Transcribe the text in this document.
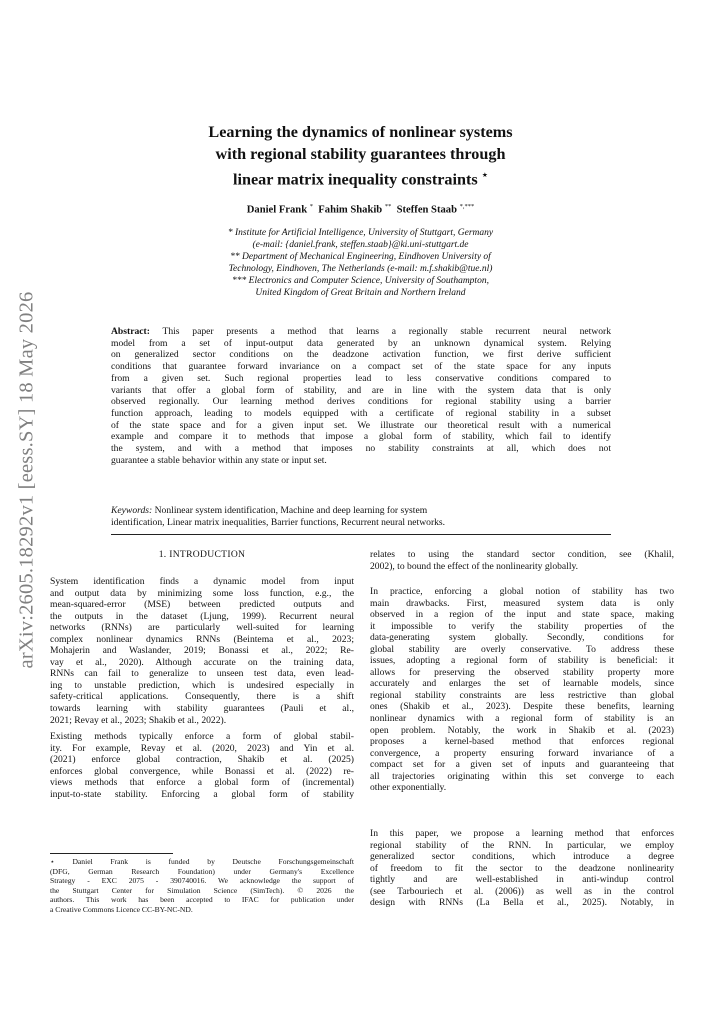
arXiv:2605.18292v1 [eess.SY] 18 May 2026
Learning the dynamics of nonlinear systems
with regional stability guarantees through
linear matrix inequality constraints ⋆
Daniel Frank * Fahim Shakib ** Steffen Staab *,***
* Institute for Artificial Intelligence, University of Stuttgart, Germany
(e-mail: {daniel.frank, steffen.staab}@ki.uni-stuttgart.de
** Department of Mechanical Engineering, Eindhoven University of
Technology, Eindhoven, The Netherlands (e-mail: m.f.shakib@tue.nl)
*** Electronics and Computer Science, University of Southampton,
United Kingdom of Great Britain and Northern Ireland
Abstract: This paper presents a method that learns a regionally stable recurrent neural network
model from a set of input-output data generated by an unknown dynamical system. Relying
on generalized sector conditions on the deadzone activation function, we first derive sufficient
conditions that guarantee forward invariance on a compact set of the state space for any inputs
from a given set. Such regional properties lead to less conservative conditions compared to
variants that offer a global form of stability, and are in line with the system data that is only
observed regionally. Our learning method derives conditions for regional stability using a barrier
function approach, leading to models equipped with a certificate of regional stability in a subset
of the state space and for a given input set. We illustrate our theoretical result with a numerical
example and compare it to methods that impose a global form of stability, which fail to identify
the system, and with a method that imposes no stability constraints at all, which does not
guarantee a stable behavior within any state or input set.
Keywords: Nonlinear system identification, Machine and deep learning for system
identification, Linear matrix inequalities, Barrier functions, Recurrent neural networks.
1. INTRODUCTION
System identification finds a dynamic model from input
and output data by minimizing some loss function, e.g., the
mean-squared-error (MSE) between predicted outputs and
the outputs in the dataset (Ljung, 1999). Recurrent neural
networks (RNNs) are particularly well-suited for learning
complex nonlinear dynamics RNNs (Beintema et al., 2023;
Mohajerin and Waslander, 2019; Bonassi et al., 2022; Re-
vay et al., 2020). Although accurate on the training data,
RNNs can fail to generalize to unseen test data, even lead-
ing to unstable prediction, which is undesired especially in
safety-critical applications. Consequently, there is a shift
towards learning with stability guarantees (Pauli et al.,
2021; Revay et al., 2023; Shakib et al., 2022).
Existing methods typically enforce a form of global stabil-
ity. For example, Revay et al. (2020, 2023) and Yin et al.
(2021) enforce global contraction, Shakib et al. (2025)
enforces global convergence, while Bonassi et al. (2022) re-
views methods that enforce a global form of (incremental)
input-to-state stability. Enforcing a global form of stability
⋆ Daniel Frank is funded by Deutsche Forschungsgemeinschaft
(DFG, German Research Foundation) under Germany's Excellence
Strategy - EXC 2075 - 390740016. We acknowledge the support of
the Stuttgart Center for Simulation Science (SimTech). © 2026 the
authors. This work has been accepted to IFAC for publication under
a Creative Commons Licence CC-BY-NC-ND.
relates to using the standard sector condition, see (Khalil,
2002), to bound the effect of the nonlinearity globally.
In practice, enforcing a global notion of stability has two
main drawbacks. First, measured system data is only
observed in a region of the input and state space, making
it impossible to verify the stability properties of the
data-generating system globally. Secondly, conditions for
global stability are overly conservative. To address these
issues, adopting a regional form of stability is beneficial: it
allows for preserving the observed stability property more
accurately and enlarges the set of learnable models, since
regional stability constraints are less restrictive than global
ones (Shakib et al., 2023). Despite these benefits, learning
nonlinear dynamics with a regional form of stability is an
open problem. Notably, the work in Shakib et al. (2023)
proposes a kernel-based method that enforces regional
convergence, a property ensuring forward invariance of a
compact set for a given set of inputs and guaranteeing that
all trajectories originating within this set converge to each
other exponentially.
In this paper, we propose a learning method that enforces
regional stability of the RNN. In particular, we employ
generalized sector conditions, which introduce a degree
of freedom to fit the sector to the deadzone nonlinearity
tightly and are well-established in anti-windup control
(see Tarbouriech et al. (2006)) as well as in the control
design with RNNs (La Bella et al., 2025). Notably, in
